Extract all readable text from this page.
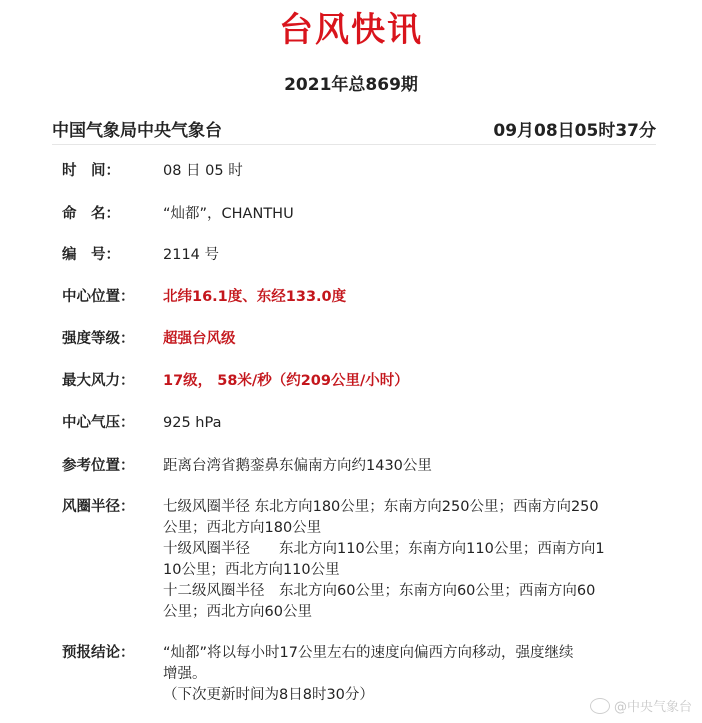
台风快讯
2021年总869期
中国气象局中央气象台	09月08日05时37分
时　间：	08 日 05 时
命　名：	“灿都”，CHANTHU
编　号：	2114 号
中心位置：	北纬16.1度、东经133.0度
强度等级：	超强台风级
最大风力：	17级， 58米/秒（约209公里/小时）
中心气压：	925 hPa
参考位置：	距离台湾省鹅銮鼻东偏南方向约1430公里
风圈半径：	七级风圈半径 东北方向180公里；东南方向250公里；西南方向250
公里；西北方向180公里
十级风圈半径　　东北方向110公里；东南方向110公里；西南方向1
10公里；西北方向110公里
十二级风圈半径　东北方向60公里；东南方向60公里；西南方向60
公里；西北方向60公里
预报结论：	“灿都”将以每小时17公里左右的速度向偏西方向移动，强度继续
增强。
（下次更新时间为8日8时30分）
@中央气象台
